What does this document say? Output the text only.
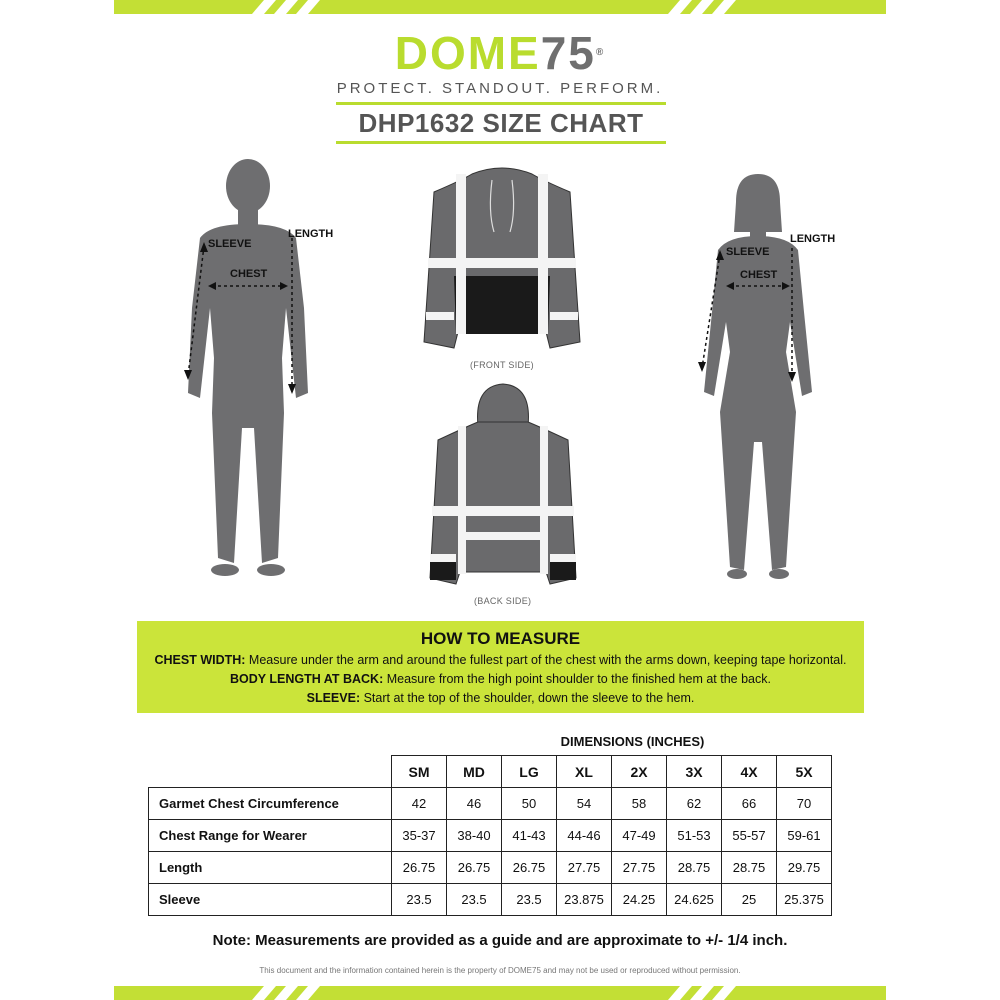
DOME75®
PROTECT. STANDOUT. PERFORM.
DHP1632 SIZE CHART
SLEEVE
CHEST
LENGTH
(FRONT SIDE)
(BACK SIDE)
SLEEVE
CHEST
LENGTH
HOW TO MEASURE
CHEST WIDTH: Measure under the arm and around the fullest part of the chest with the arms down, keeping tape horizontal.
BODY LENGTH AT BACK: Measure from the high point shoulder to the finished hem at the back.
SLEEVE: Start at the top of the shoulder, down the sleeve to the hem.
DIMENSIONS (INCHES)
	SM	MD	LG	XL	2X	3X	4X	5X
Garmet Chest Circumference	42	46	50	54	58	62	66	70
Chest Range for Wearer	35-37	38-40	41-43	44-46	47-49	51-53	55-57	59-61
Length	26.75	26.75	26.75	27.75	27.75	28.75	28.75	29.75
Sleeve	23.5	23.5	23.5	23.875	24.25	24.625	25	25.375
Note: Measurements are provided as a guide and are approximate to +/- 1/4 inch.
This document and the information contained herein is the property of DOME75 and may not be used or reproduced without permission.
